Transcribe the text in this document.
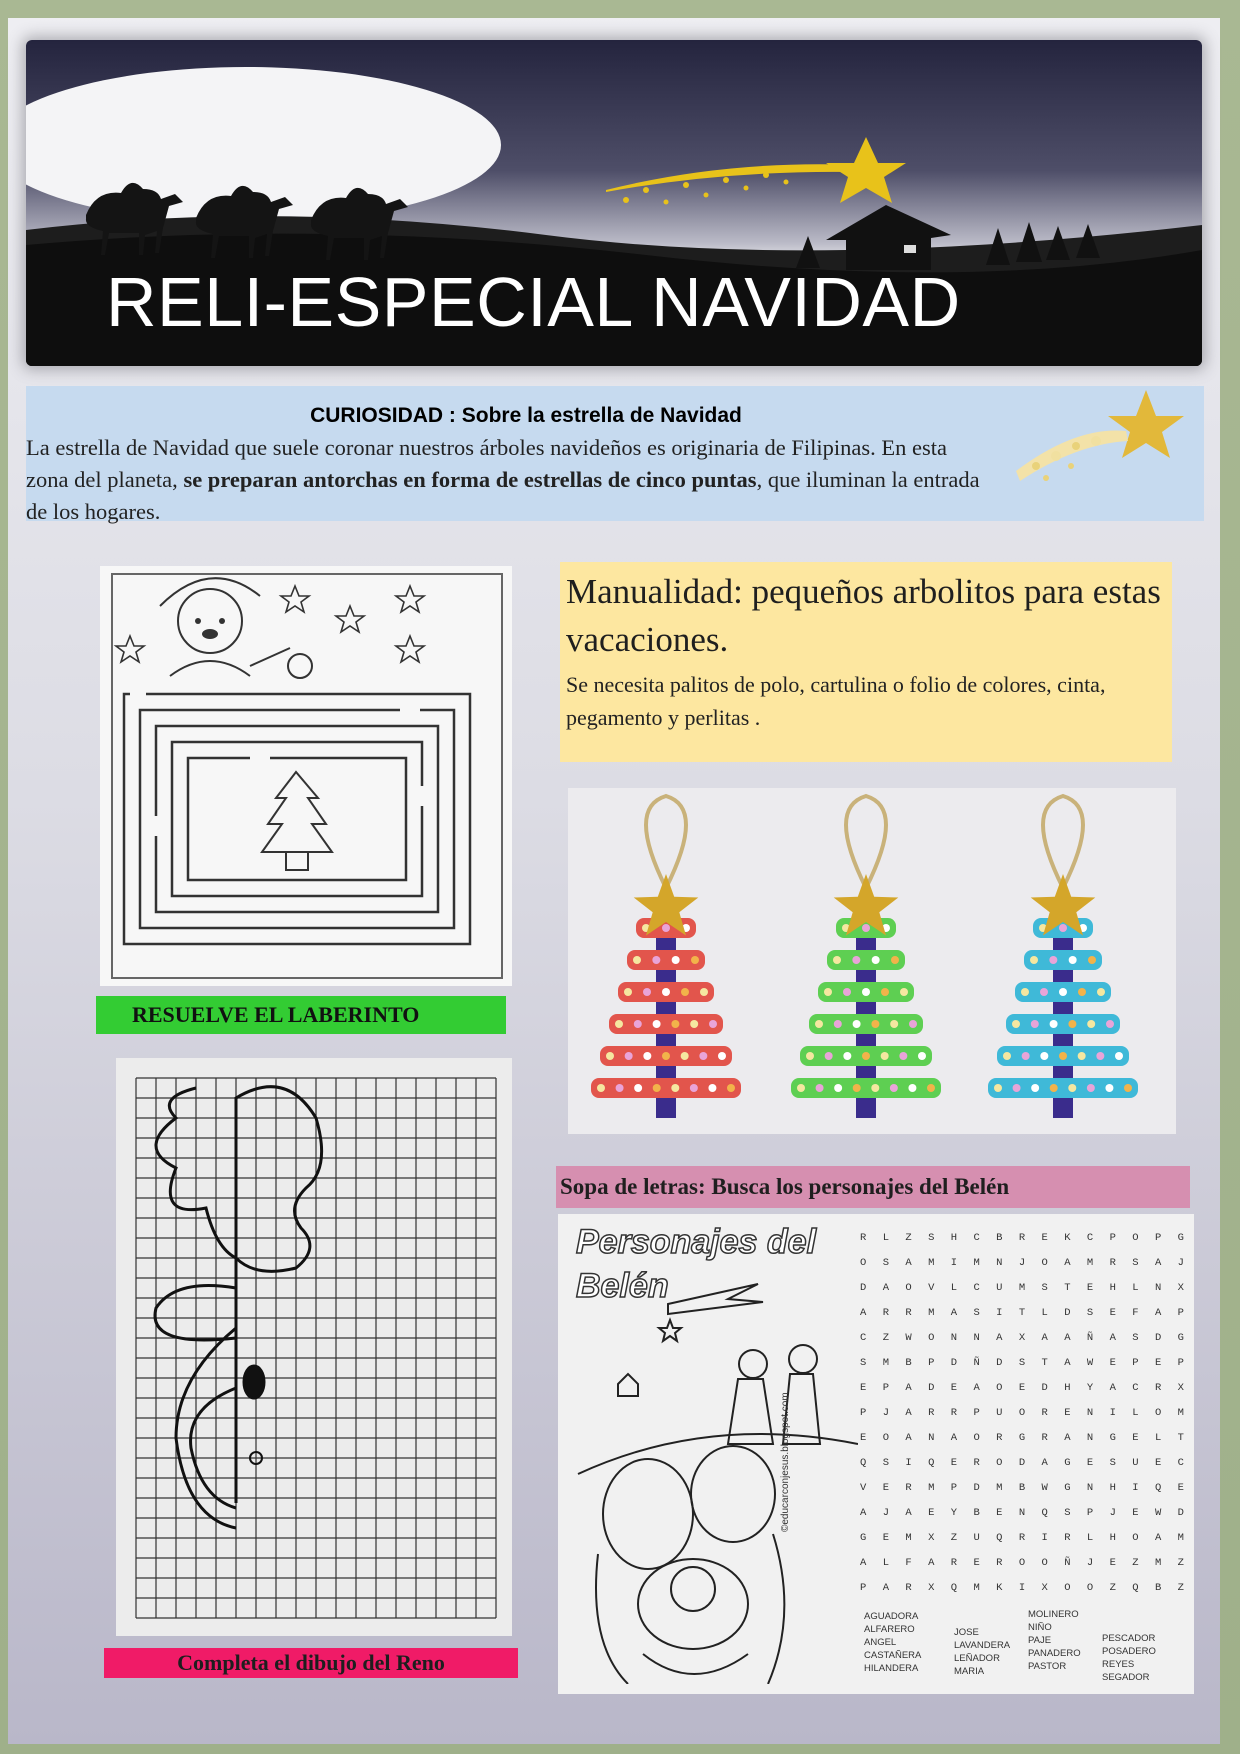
RELI-ESPECIAL NAVIDAD

CURIOSIDAD : Sobre la estrella de Navidad

La estrella de Navidad que suele coronar nuestros árboles navideños es originaria de Filipinas. En esta zona del planeta, se preparan antorchas en forma de estrellas de cinco puntas, que iluminan la entrada de los hogares.

RESUELVE EL LABERINTO
Completa el dibujo del Reno
Manualidad: pequeños arbolitos para estas vacaciones.

Se necesita palitos de polo, cartulina o folio de colores, cinta, pegamento y perlitas .

Sopa de letras: Busca los personajes del Belén
Personajes del
Belén
©educarconjesus.blogspot.com
R L Z S H C B R E K C P O P G
O S A M I M N J O A M R S A J
D A O V L C U M S T E H L N X
A R R M A S I T L D S E F A P
C Z W O N N A X A A Ñ A S D G
S M B P D Ñ D S T A W E P E P
E P A D E A O E D H Y A C R X
P J A R R P U O R E N I L O M
E O A N A O R G R A N G E L T
Q S I Q E R O D A G E S U E C
V E R M P D M B W G N H I Q E
A J A E Y B E N Q S P J E W D
G E M X Z U Q R I R L H O A M
A L F A R E R O O Ñ J E Z M Z
P A R X Q M K I X O O Z Q B Z
AGUADORA
ALFARERO
ANGEL
CASTAÑERA
HILANDERA
JOSE
LAVANDERA
LEÑADOR
MARIA
MOLINERO
NIÑO
PAJE
PANADERO
PASTOR
PESCADOR
POSADERO
REYES
SEGADOR
